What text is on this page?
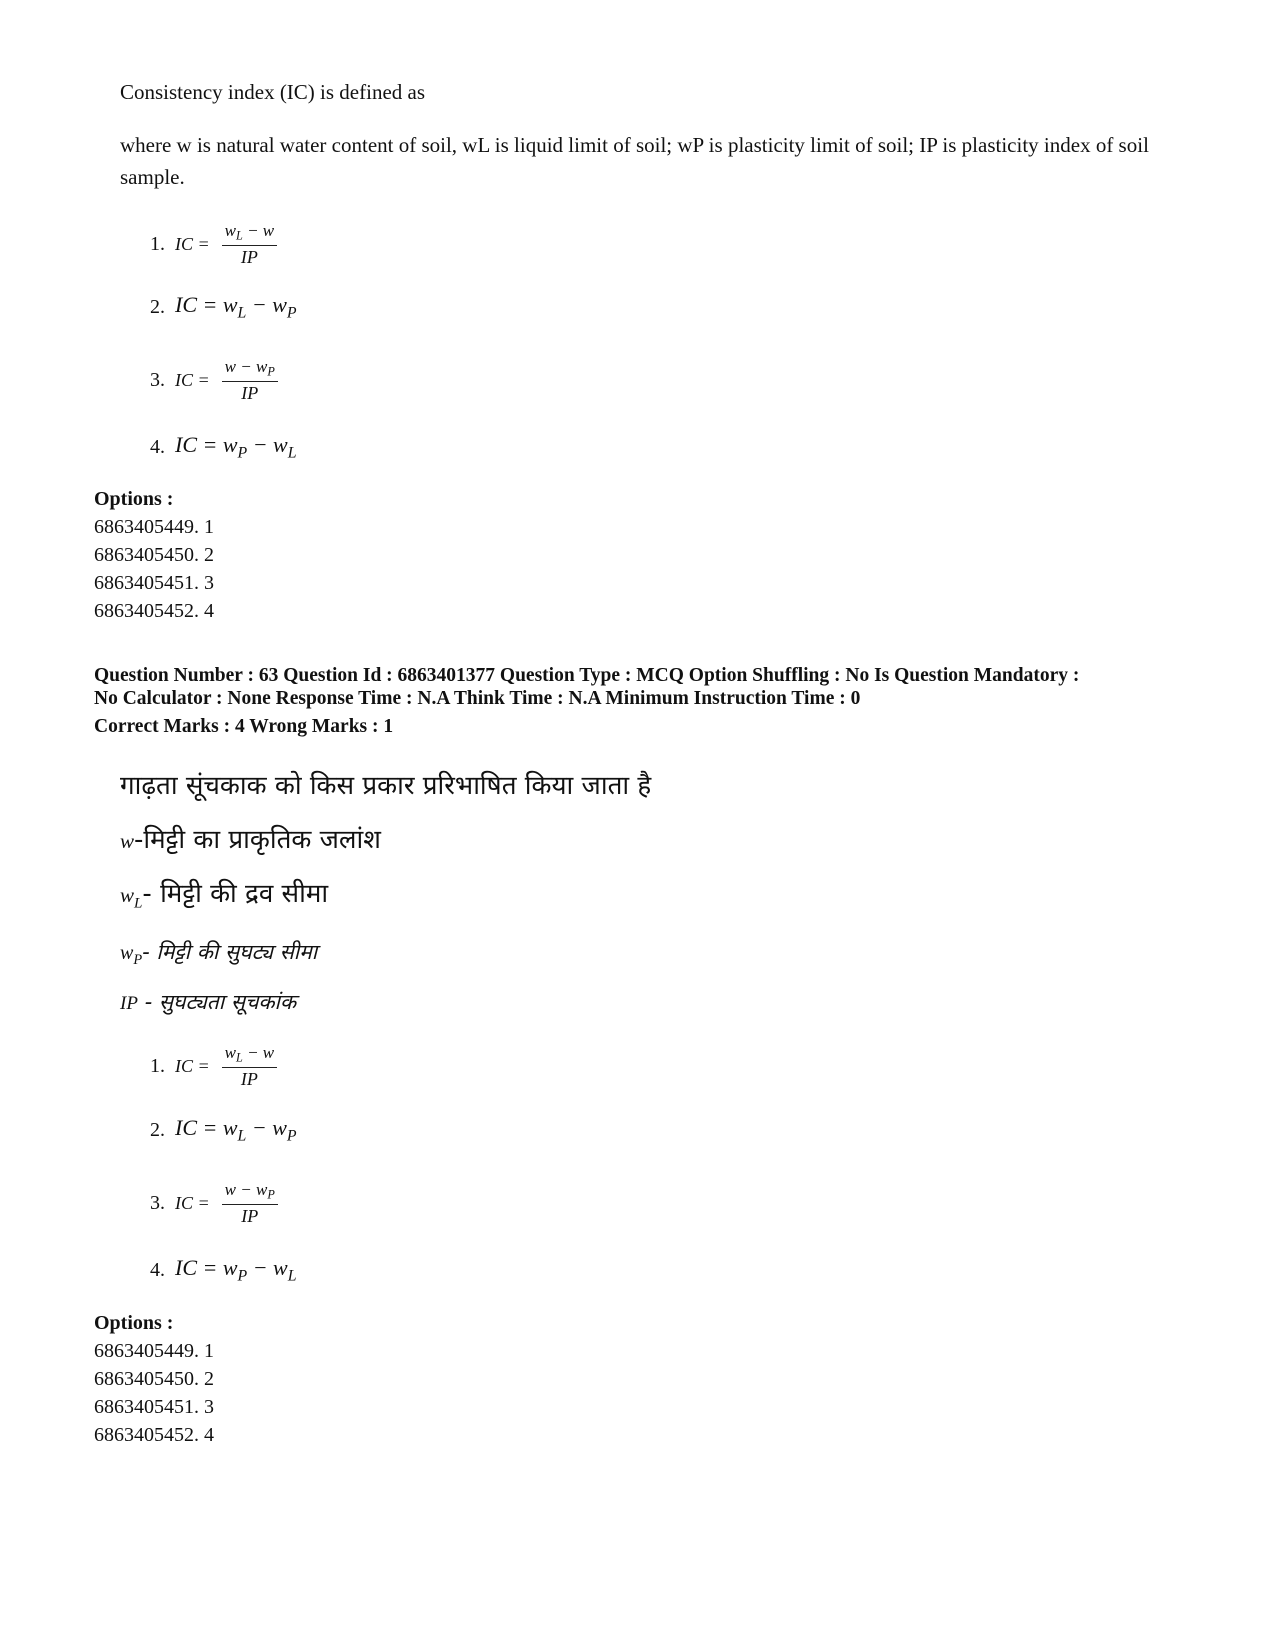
Consistency index (IC) is defined as
where w is natural water content of soil, wL is liquid limit of soil; wP is plasticity limit of soil; IP is plasticity index of soil sample.
1. IC = $\frac{w_L - w}{IP}$
2. IC = $w_L - w_P$
3. IC = $\frac{w - w_P}{IP}$
4. IC = $w_P - w_L$
Options :
6863405449. 1
6863405450. 2
6863405451. 3
6863405452. 4
Question Number : 63 Question Id : 6863401377 Question Type : MCQ Option Shuffling : No Is Question Mandatory :
No Calculator : None Response Time : N.A Think Time : N.A Minimum Instruction Time : 0
Correct Marks : 4 Wrong Marks : 1
गाढ़ता सूंचकाक को किस प्रकार प्ररिभाषित किया जाता है
w-मिट्टी का प्राकृतिक जलांश
$w_L-$ मिट्टी की द्रव सीमा
$w_P-$ मिट्टी की सुघट्य सीमा
IP - सुघट्यता सूचकांक
1. IC = $\frac{w_L - w}{IP}$
2. IC = $w_L - w_P$
3. IC = $\frac{w - w_P}{IP}$
4. IC = $w_P - w_L$
Options :
6863405449. 1
6863405450. 2
6863405451. 3
6863405452. 4
